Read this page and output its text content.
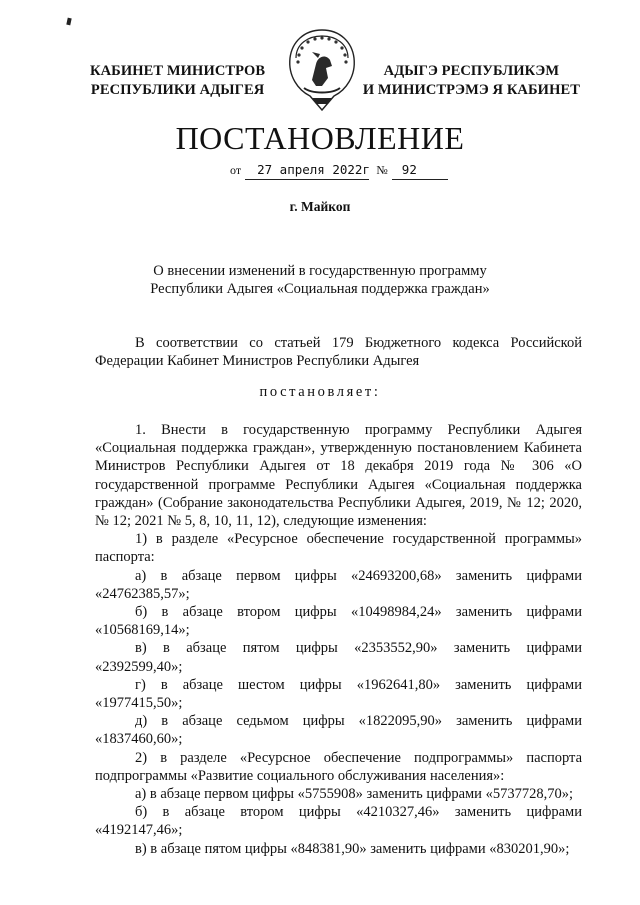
КАБИНЕТ МИНИСТРОВ
РЕСПУБЛИКИ АДЫГЕЯ
АДЫГЭ РЕСПУБЛИКЭМ
И МИНИСТРЭМЭ Я КАБИНЕТ
ПОСТАНОВЛЕНИЕ
от 27 апреля 2022г № 92
г. Майкоп
О внесении изменений в государственную программу
Республики Адыгея «Социальная поддержка граждан»

В соответствии со статьей 179 Бюджетного кодекса Российской Федерации Кабинет Министров Республики Адыгея

постановляет:

1. Внести в государственную программу Республики Адыгея «Социальная поддержка граждан», утвержденную постановлением Кабинета Министров Республики Адыгея от 18 декабря 2019 года № 306 «О государственной программе Республики Адыгея «Социальная поддержка граждан» (Собрание законодательства Республики Адыгея, 2019, № 12; 2020, № 12; 2021 № 5, 8, 10, 11, 12), следующие изменения:

1) в разделе «Ресурсное обеспечение государственной программы» паспорта:

а) в абзаце первом цифры «24693200,68» заменить цифрами «24762385,57»;

б) в абзаце втором цифры «10498984,24» заменить цифрами «10568169,14»;

в) в абзаце пятом цифры «2353552,90» заменить цифрами «2392599,40»;

г) в абзаце шестом цифры «1962641,80» заменить цифрами «1977415,50»;

д) в абзаце седьмом цифры «1822095,90» заменить цифрами «1837460,60»;

2) в разделе «Ресурсное обеспечение подпрограммы» паспорта подпрограммы «Развитие социального обслуживания населения»:

а) в абзаце первом цифры «5755908» заменить цифрами «5737728,70»;

б) в абзаце втором цифры «4210327,46» заменить цифрами «4192147,46»;

в) в абзаце пятом цифры «848381,90» заменить цифрами «830201,90»;
